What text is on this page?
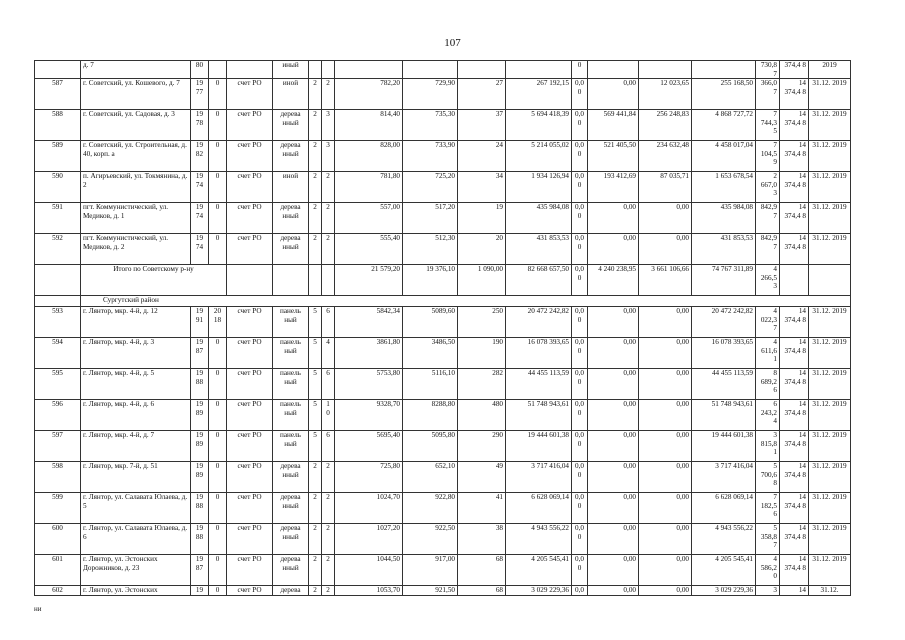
107
	д. 7	80			иный							0				730,8 7	374,4 8	2019
587	г. Советский, ул. Кошевого, д. 7	19 77	0	счет РО	иной	2	2	782,20	729,90	27	267 192,15	0,0 0	0,00	12 023,65	255 168,50	366,0 7	14 374,4 8	31.12. 2019
588	г. Советский, ул. Садовая, д. 3	19 78	0	счет РО	дерева нный	2	3	814,40	735,30	37	5 694 418,39	0,0 0	569 441,84	256 248,83	4 868 727,72	7 744,3 5	14 374,4 8	31.12. 2019
589	г. Советский, ул. Строительная, д. 40, корп. а	19 82	0	счет РО	дерева нный	2	3	828,00	733,90	24	5 214 055,02	0,0 0	521 405,50	234 632,48	4 458 017,04	7 104,5 9	14 374,4 8	31.12. 2019
590	п. Агиръевский, ул. Токмянина, д. 2	19 74	0	счет РО	иной	2	2	781,80	725,20	34	1 934 126,94	0,0 0	193 412,69	87 035,71	1 653 678,54	2 667,0 3	14 374,4 8	31.12. 2019
591	пгт. Коммунистический, ул. Медиков, д. 1	19 74	0	счет РО	дерева нный	2	2	557,00	517,20	19	435 984,08	0,0 0	0,00	0,00	435 984,08	842,9 7	14 374,4 8	31.12. 2019
592	пгт. Коммунистический, ул. Медиков, д. 2	19 74	0	счет РО	дерева нный	2	2	555,40	512,30	20	431 853,53	0,0 0	0,00	0,00	431 853,53	842,9 7	14 374,4 8	31.12. 2019
	Итого по Советскому р-ну							21 579,20	19 376,10	1 090,00	82 668 657,50	0,0 0	4 240 238,95	3 661 106,66	74 767 311,89	4 266,5 3		
	Сургутский район																	
593	г. Лянтор, мкр. 4-й, д. 12	19 91	20 18	счет РО	панель ный	5	6	5842,34	5089,60	250	20 472 242,82	0,0 0	0,00	0,00	20 472 242,82	4 022,3 7	14 374,4 8	31.12. 2019
594	г. Лянтор, мкр. 4-й, д. 3	19 87	0	счет РО	панель ный	5	4	3861,80	3486,50	190	16 078 393,65	0,0 0	0,00	0,00	16 078 393,65	4 611,6 1	14 374,4 8	31.12. 2019
595	г. Лянтор, мкр. 4-й, д. 5	19 88	0	счет РО	панель ный	5	6	5753,80	5116,10	282	44 455 113,59	0,0 0	0,00	0,00	44 455 113,59	8 689,2 6	14 374,4 8	31.12. 2019
596	г. Лянтор, мкр. 4-й, д. 6	19 89	0	счет РО	панель ный	5	1 0	9328,70	8288,80	480	51 748 943,61	0,0 0	0,00	0,00	51 748 943,61	6 243,2 4	14 374,4 8	31.12. 2019
597	г. Лянтор, мкр. 4-й, д. 7	19 89	0	счет РО	панель ный	5	6	5695,40	5095,80	290	19 444 601,38	0,0 0	0,00	0,00	19 444 601,38	3 815,8 1	14 374,4 8	31.12. 2019
598	г. Лянтор, мкр. 7-й, д. 51	19 89	0	счет РО	дерева нный	2	2	725,80	652,10	49	3 717 416,04	0,0 0	0,00	0,00	3 717 416,04	5 700,6 8	14 374,4 8	31.12. 2019
599	г. Лянтор, ул. Салавата Юлаева, д. 5	19 88	0	счет РО	дерева нный	2	2	1024,70	922,80	41	6 628 069,14	0,0 0	0,00	0,00	6 628 069,14	7 182,5 6	14 374,4 8	31.12. 2019
600	г. Лянтор, ул. Салавата Юлаева, д. 6	19 88	0	счет РО	дерева нный	2	2	1027,20	922,50	38	4 943 556,22	0,0 0	0,00	0,00	4 943 556,22	5 358,8 7	14 374,4 8	31.12. 2019
601	г. Лянтор, ул. Эстонских Дорожников, д. 23	19 87	0	счет РО	дерева нный	2	2	1044,50	917,00	68	4 205 545,41	0,0 0	0,00	0,00	4 205 545,41	4 586,2 0	14 374,4 8	31.12. 2019
602	г. Лянтор, ул. Эстонских	19	0	счет РО	дерева	2	2	1053,70	921,50	68	3 029 229,36	0,0	0,00	0,00	3 029 229,36	3	14	31.12.
ни
